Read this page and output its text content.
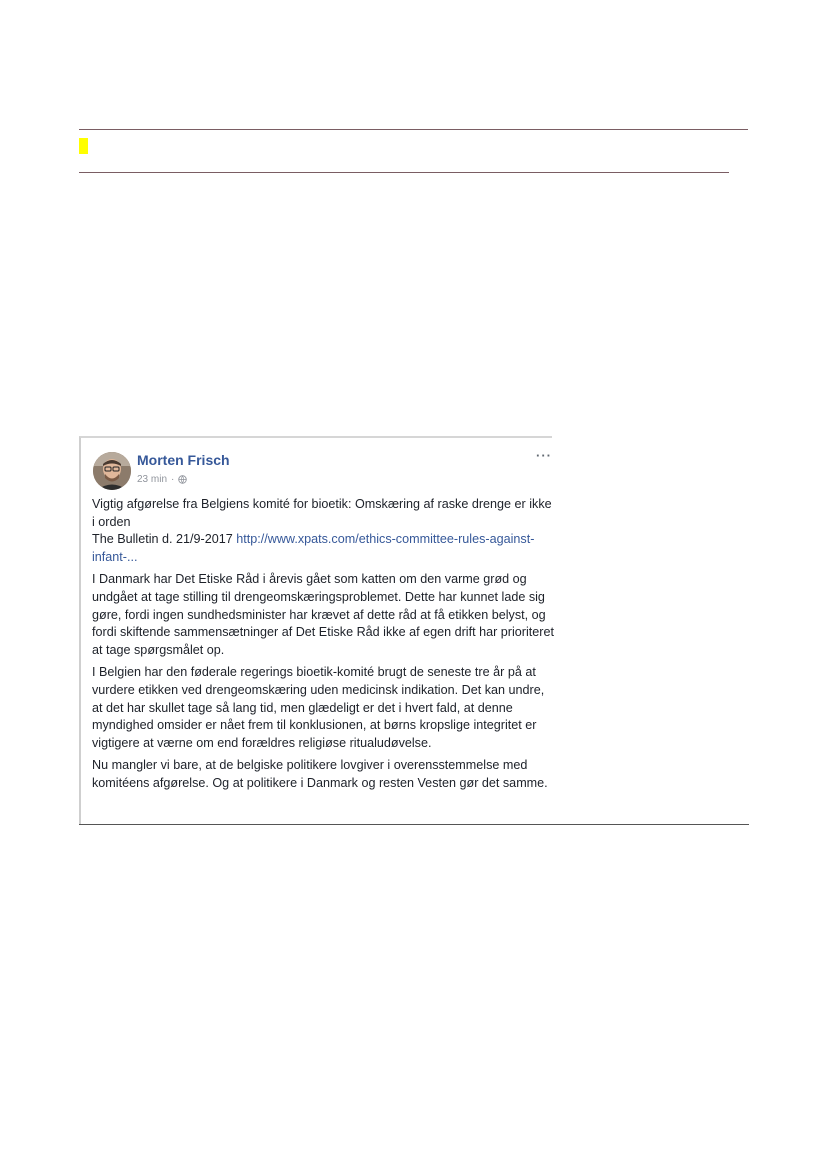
Morten Frisch
23 min ·
···

Vigtig afgørelse fra Belgiens komité for bioetik: Omskæring af raske drenge er ikke i orden
The Bulletin d. 21/9-2017 http://www.xpats.com/ethics-committee-rules-against-infant-...

I Danmark har Det Etiske Råd i årevis gået som katten om den varme grød og undgået at tage stilling til drengeomskæringsproblemet. Dette har kunnet lade sig gøre, fordi ingen sundhedsminister har krævet af dette råd at få etikken belyst, og fordi skiftende sammensætninger af Det Etiske Råd ikke af egen drift har prioriteret at tage spørgsmålet op.

I Belgien har den føderale regerings bioetik-komité brugt de seneste tre år på at vurdere etikken ved drengeomskæring uden medicinsk indikation. Det kan undre, at det har skullet tage så lang tid, men glædeligt er det i hvert fald, at denne myndighed omsider er nået frem til konklusionen, at børns kropslige integritet er vigtigere at værne om end forældres religiøse ritualudøvelse.

Nu mangler vi bare, at de belgiske politikere lovgiver i overensstemmelse med komitéens afgørelse. Og at politikere i Danmark og resten Vesten gør det samme.
